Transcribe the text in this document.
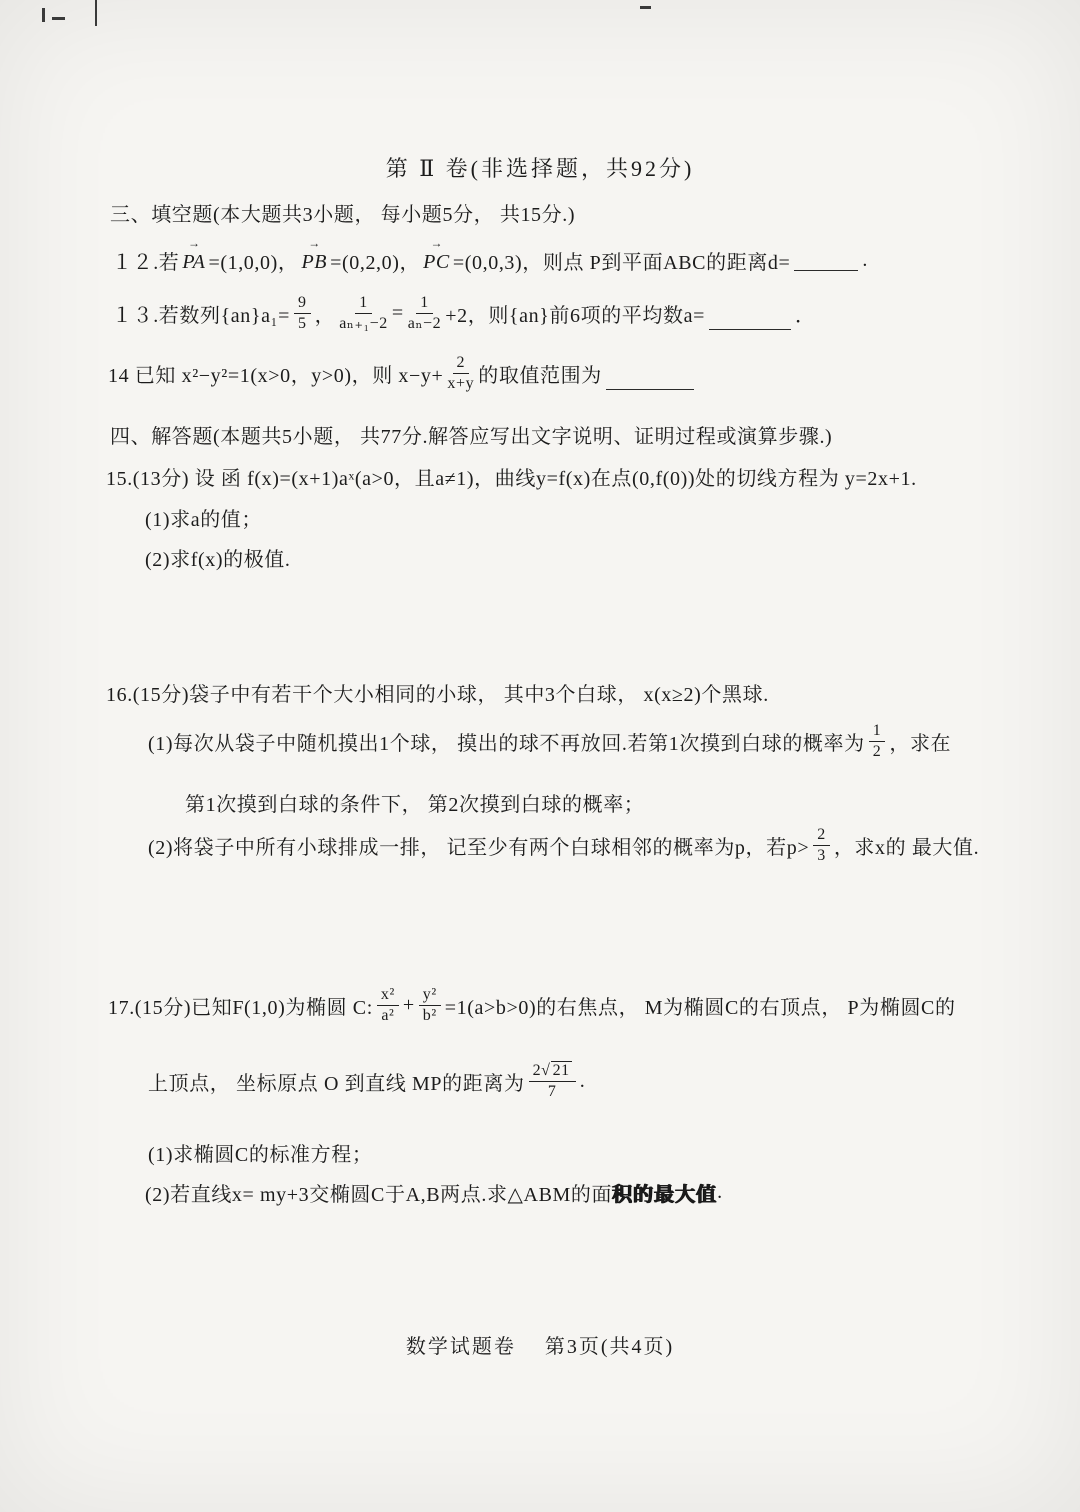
第 Ⅱ 卷(非选择题，共92分)
三、填空题(本大题共3小题， 每小题5分， 共15分.)
１２.若
→
PA =(1,0,0)，
→
PB =(0,2,0)，
→
PC =(0,0,3)，则点 P到平面ABC的距离d=	.
１３.若数列$\{an\}a_1= \frac{9}{5}$ ， $\frac{1}{\text{aₙ₊₁−2}} = \frac{1}{\text{aₙ−2}} +2$，则{an}前6项的平均数a=	．
14 已知 x²−y²=1(x>0，y>0)，则 $x-y+ \frac{2}{x+y}$ 的取值范围为
四、解答题(本题共5小题， 共77分.解答应写出文字说明、证明过程或演算步骤.)
15.(13分) 设 函 f(x)=(x+1)aˣ(a>0，且a≠1)，曲线y=f(x)在点(0,f(0))处的切线方程为 y=2x+1.
(1)求a的值；
(2)求f(x)的极值.
16.(15分)袋子中有若干个大小相同的小球， 其中3个白球， x(x≥2)个黑球.
(1)每次从袋子中随机摸出1个球， 摸出的球不再放回.若第1次摸到白球的概率为 $\frac{1}{2}$ ，求在
第1次摸到白球的条件下， 第2次摸到白球的概率；
(2)将袋子中所有小球排成一排， 记至少有两个白球相邻的概率为p， 若$p> \frac{2}{3}$ ，求x的 最大值.
17.(15分)已知F(1,0)为椭圆 C: $\frac{\text{x²}}{\text{a²}} + \frac{\text{y²}}{\text{b²}} =1(a>b>0)$的右焦点， M为椭圆C的右顶点， P为椭圆C的
上顶点， 坐标原点 O 到直线 MP的距离为 $\frac{2√ 21}{7}$ .
(1)求椭圆C的标准方程；
(2)若直线x= my+3交椭圆C于A,B两点.求△ABM的面 积的最大值 .
数学试题卷　 第3页(共4页)
